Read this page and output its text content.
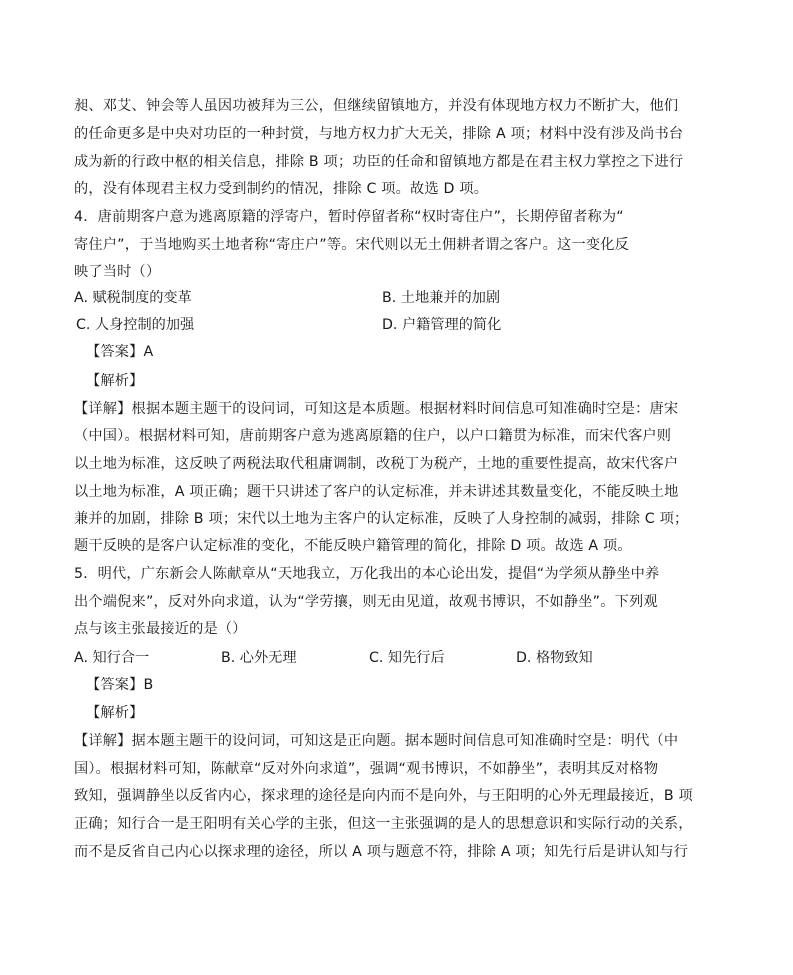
昶、邓艾、钟会等人虽因功被拜为三公，但继续留镇地方，并没有体现地方权力不断扩大，他们
的任命更多是中央对功臣的一种封赏，与地方权力扩大无关，排除 A 项；材料中没有涉及尚书台
成为新的行政中枢的相关信息，排除 B 项；功臣的任命和留镇地方都是在君主权力掌控之下进行
的，没有体现君主权力受到制约的情况，排除 C 项。故选 D 项。
4．唐前期客户意为逃离原籍的浮寄户，暂时停留者称“权时寄住户”，长期停留者称为“
寄住户”，于当地购买土地者称“寄庄户”等。宋代则以无土佣耕者谓之客户。这一变化反
映了当时（）
A. 赋税制度的变革	B. 土地兼并的加剧
C. 人身控制的加强	D. 户籍管理的简化
【答案】A
【解析】
【详解】根据本题主题干的设问词，可知这是本质题。根据材料时间信息可知准确时空是：唐宋
（中国）。根据材料可知，唐前期客户意为逃离原籍的住户，以户口籍贯为标准，而宋代客户则
以土地为标准，这反映了两税法取代租庸调制，改税丁为税产，土地的重要性提高，故宋代客户
以土地为标准，A 项正确；题干只讲述了客户的认定标准，并未讲述其数量变化，不能反映土地
兼并的加剧，排除 B 项；宋代以土地为主客户的认定标准，反映了人身控制的减弱，排除 C 项；
题干反映的是客户认定标准的变化，不能反映户籍管理的简化，排除 D 项。故选 A 项。
5．明代，广东新会人陈献章从“天地我立，万化我出的本心论出发，提倡“为学须从静坐中养
出个端倪来”，反对外向求道，认为“学劳攘，则无由见道，故观书博识，不如静坐”。下列观
点与该主张最接近的是（）
A. 知行合一	B. 心外无理	C. 知先行后	D. 格物致知
【答案】B
【解析】
【详解】据本题主题干的设问词，可知这是正向题。据本题时间信息可知准确时空是：明代（中
国）。根据材料可知，陈献章“反对外向求道”，强调“观书博识，不如静坐”，表明其反对格物
致知，强调静坐以反省内心，探求理的途径是向内而不是向外，与王阳明的心外无理最接近，B 项
正确；知行合一是王阳明有关心学的主张，但这一主张强调的是人的思想意识和实际行动的关系，
而不是反省自己内心以探求理的途径，所以 A 项与题意不符，排除 A 项；知先行后是讲认知与行
